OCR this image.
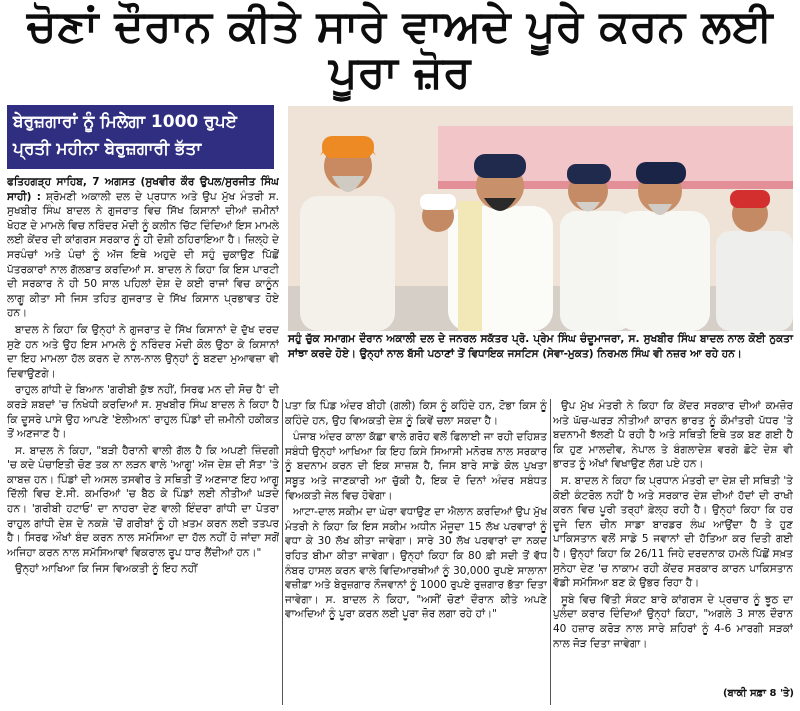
ਚੋਣਾਂ ਦੌਰਾਨ ਕੀਤੇ ਸਾਰੇ ਵਾਅਦੇ ਪੂਰੇ ਕਰਨ ਲਈ ਪੂਰਾ ਜ਼ੋਰ
ਬੇਰੁਜ਼ਗਾਰਾਂ ਨੂੰ ਮਿਲੇਗਾ 1000 ਰੁਪਏ
ਪ੍ਰਤੀ ਮਹੀਨਾ ਬੇਰੁਜ਼ਗਾਰੀ ਭੱਤਾ

ਫਤਿਹਗੜ੍ਹ ਸਾਹਿਬ, 7 ਅਗਸਤ (ਸੁਖਵੀਰ ਕੌਰ ਉਪਲ/ਸੁਰਜੀਤ ਸਿੰਘ ਸਾਹੀ) : ਸ਼੍ਰੋਮਣੀ ਅਕਾਲੀ ਦਲ ਦੇ ਪ੍ਰਧਾਨ ਅਤੇ ਉਪ ਮੁੱਖ ਮੰਤਰੀ ਸ. ਸੁਖਬੀਰ ਸਿੰਘ ਬਾਦਲ ਨੇ ਗੁਜਰਾਤ ਵਿਚ ਸਿੱਖ ਕਿਸਾਨਾਂ ਦੀਆਂ ਜ਼ਮੀਨਾਂ ਖੋਹਣ ਦੇ ਮਾਮਲੇ ਵਿਚ ਨਰਿੰਦਰ ਮੋਦੀ ਨੂੰ ਕਲੀਨ ਚਿੱਟ ਦਿੰਦਿਆਂ ਇਸ ਮਾਮਲੇ ਲਈ ਕੇਂਦਰ ਦੀ ਕਾਂਗਰਸ ਸਰਕਾਰ ਨੂੰ ਹੀ ਦੋਸ਼ੀ ਠਹਿਰਾਇਆ ਹੈ। ਜ਼ਿਲ੍ਹੇ ਦੇ ਸਰਪੰਚਾਂ ਅਤੇ ਪੰਚਾਂ ਨੂੰ ਅੱਜ ਇਥੇ ਅਹੁਦੇ ਦੀ ਸਹੁੰ ਚੁਕਾਉਣ ਪਿੱਛੋਂ ਪੱਤਰਕਾਰਾਂ ਨਾਲ ਗੱਲਬਾਤ ਕਰਦਿਆਂ ਸ. ਬਾਦਲ ਨੇ ਕਿਹਾ ਕਿ ਇਸ ਪਾਰਟੀ ਦੀ ਸਰਕਾਰ ਨੇ ਹੀ 50 ਸਾਲ ਪਹਿਲਾਂ ਦੇਸ਼ ਦੇ ਕਈ ਰਾਜਾਂ ਵਿਚ ਕਾਨੂੰਨ ਲਾਗੂ ਕੀਤਾ ਸੀ ਜਿਸ ਤਹਿਤ ਗੁਜਰਾਤ ਦੇ ਸਿੱਖ ਕਿਸਾਨ ਪ੍ਰਭਾਵਤ ਹੋਏ ਹਨ।

ਬਾਦਲ ਨੇ ਕਿਹਾ ਕਿ ਉਨ੍ਹਾਂ ਨੇ ਗੁਜਰਾਤ ਦੇ ਸਿੱਖ ਕਿਸਾਨਾਂ ਦੇ ਦੁੱਖ ਦਰਦ ਸੁਣੇ ਹਨ ਅਤੇ ਉਹ ਇਸ ਮਾਮਲੇ ਨੂੰ ਨਰਿੰਦਰ ਮੋਦੀ ਕੋਲ ਉਠਾ ਕੇ ਕਿਸਾਨਾਂ ਦਾ ਇਹ ਮਾਮਲਾ ਹੱਲ ਕਰਨ ਦੇ ਨਾਲ-ਨਾਲ ਉਨ੍ਹਾਂ ਨੂੰ ਬਣਦਾ ਮੁਆਵਜ਼ਾ ਵੀ ਦਿਵਾਉਣਗੇ।

ਰਾਹੁਲ ਗਾਂਧੀ ਦੇ ਬਿਆਨ 'ਗਰੀਬੀ ਕੁੱਝ ਨਹੀਂ, ਸਿਰਫ ਮਨ ਦੀ ਸੋਚ ਹੈ' ਦੀ ਕਰੜੇ ਸ਼ਬਦਾਂ 'ਚ ਨਿਖੇਧੀ ਕਰਦਿਆਂ ਸ. ਸੁਖਬੀਰ ਸਿੰਘ ਬਾਦਲ ਨੇ ਕਿਹਾ ਹੈ ਕਿ ਦੂਸਰੇ ਪਾਸੇ ਉਹ ਆਪਣੇ 'ਏਲੀਅਨ' ਰਾਹੁਲ ਪਿੰਡਾਂ ਦੀ ਜ਼ਮੀਨੀ ਹਕੀਕਤ ਤੋਂ ਅਣਜਾਣ ਹੈ।

ਸ. ਬਾਦਲ ਨੇ ਕਿਹਾ, "ਬੜੀ ਹੈਰਾਨੀ ਵਾਲੀ ਗੱਲ ਹੈ ਕਿ ਅਪਣੀ ਜ਼ਿੰਦਗੀ 'ਚ ਕਦੇ ਪੰਚਾਇਤੀ ਚੋਣ ਤਕ ਨਾ ਲੜਨ ਵਾਲੇ 'ਆਗੂ' ਅੱਜ ਦੇਸ਼ ਦੀ ਸੱਤਾ 'ਤੇ ਕਾਬਜ਼ ਹਨ। ਪਿੰਡਾਂ ਦੀ ਅਸਲ ਤਸਵੀਰ ਤੇ ਸਥਿਤੀ ਤੋਂ ਅਣਜਾਣ ਇਹ ਆਗੂ ਦਿੱਲੀ ਵਿਚ ਏ.ਸੀ. ਕਮਰਿਆਂ 'ਚ ਬੈਠ ਕੇ ਪਿੰਡਾਂ ਲਈ ਨੀਤੀਆਂ ਘੜਦੇ ਹਨ। 'ਗਰੀਬੀ ਹਟਾਓ' ਦਾ ਨਾਹਰਾ ਦੇਣ ਵਾਲੀ ਇੰਦਰਾ ਗਾਂਧੀ ਦਾ ਪੋਤਰਾ ਰਾਹੁਲ ਗਾਂਧੀ ਦੇਸ਼ ਦੇ ਨਕਸ਼ੇ 'ਚੋਂ ਗਰੀਬਾਂ ਨੂੰ ਹੀ ਖ਼ਤਮ ਕਰਨ ਲਈ ਤਤਪਰ ਹੈ। ਸਿਰਫ ਔਖਾਂ ਬੰਦ ਕਰਨ ਨਾਲ ਸਮੱਸਿਆ ਦਾ ਹੱਲ ਨਹੀਂ ਹੋ ਜਾਂਦਾ ਸਗੋਂ ਅਜਿਹਾ ਕਰਨ ਨਾਲ ਸਮੱਸਿਆਵਾਂ ਵਿਕਰਾਲ ਰੂਪ ਧਾਰ ਲੈਂਦੀਆਂ ਹਨ।"

ਉਨ੍ਹਾਂ ਆਖਿਆ ਕਿ ਜਿਸ ਵਿਅਕਤੀ ਨੂੰ ਇਹ ਨਹੀਂ

ਸਹੁੰ ਚੁੱਕ ਸਮਾਗਮ ਦੌਰਾਨ ਅਕਾਲੀ ਦਲ ਦੇ ਜਨਰਲ ਸਕੱਤਰ ਪ੍ਰੋ. ਪ੍ਰੇਮ ਸਿੰਘ ਚੰਦੂਮਾਜਰਾ, ਸ. ਸੁਖਬੀਰ ਸਿੰਘ ਬਾਦਲ ਨਾਲ ਕੋਈ ਨੁਕਤਾ ਸਾਂਝਾ ਕਰਦੇ ਹੋਏ। ਉਨ੍ਹਾਂ ਨਾਲ ਬੱਸੀ ਪਠਾਣਾਂ ਤੋਂ ਵਿਧਾਇਕ ਜਸਟਿਸ (ਸੇਵਾ-ਮੁਕਤ) ਨਿਰਮਲ ਸਿੰਘ ਵੀ ਨਜ਼ਰ ਆ ਰਹੇ ਹਨ।

ਪਤਾ ਕਿ ਪਿੰਡ ਅੰਦਰ ਬੀਹੀ (ਗਲੀ) ਕਿਸ ਨੂੰ ਕਹਿੰਦੇ ਹਨ, ਟੋਭਾ ਕਿਸ ਨੂੰ ਕਹਿੰਦੇ ਹਨ, ਉਹ ਵਿਅਕਤੀ ਦੇਸ਼ ਨੂੰ ਕਿਵੇਂ ਚਲਾ ਸਕਦਾ ਹੈ।

ਪੰਜਾਬ ਅੰਦਰ ਕਾਲਾ ਕੱਛਾ ਵਾਲੇ ਗਰੋਹ ਵਲੋਂ ਫਿਲਾਈ ਜਾ ਰਹੀ ਦਹਿਸ਼ਤ ਸਬੰਧੀ ਉਨ੍ਹਾਂ ਆਖਿਆ ਕਿ ਇਹ ਕਿਸੇ ਸਿਆਸੀ ਮਨੋਰਥ ਨਾਲ ਸਰਕਾਰ ਨੂੰ ਬਦਨਾਮ ਕਰਨ ਦੀ ਇਕ ਸਾਜ਼ਸ਼ ਹੈ, ਜਿਸ ਬਾਰੇ ਸਾਡੇ ਕੋਲ ਪੁਖਤਾ ਸਬੂਤ ਅਤੇ ਜਾਣਕਾਰੀ ਆ ਚੁੱਕੀ ਹੈ, ਇਕ ਦੋ ਦਿਨਾਂ ਅੰਦਰ ਸਬੰਧਤ ਵਿਅਕਤੀ ਜੇਲ ਵਿਚ ਹੋਵੇਗਾ।

ਆਟਾ-ਦਾਲ ਸਕੀਮ ਦਾ ਘੇਰਾ ਵਧਾਉਣ ਦਾ ਐਲਾਨ ਕਰਦਿਆਂ ਉਪ ਮੁੱਖ ਮੰਤਰੀ ਨੇ ਕਿਹਾ ਕਿ ਇਸ ਸਕੀਮ ਅਧੀਨ ਮੌਜੂਦਾ 15 ਲੱਖ ਪਰਵਾਰਾਂ ਨੂੰ ਵਧਾ ਕੇ 30 ਲੱਖ ਕੀਤਾ ਜਾਵੇਗਾ। ਸਾਰੇ 30 ਲੱਖ ਪਰਵਾਰਾਂ ਦਾ ਨਕਦ ਰਹਿਤ ਬੀਮਾ ਕੀਤਾ ਜਾਵੇਗਾ। ਉਨ੍ਹਾਂ ਕਿਹਾ ਕਿ 80 ਫ਼ੀ ਸਦੀ ਤੋਂ ਵੱਧ ਨੰਬਰ ਹਾਸਲ ਕਰਨ ਵਾਲੇ ਵਿਦਿਆਰਥੀਆਂ ਨੂੰ 30,000 ਰੁਪਏ ਸਾਲਾਨਾ ਵਜ਼ੀਫ਼ਾ ਅਤੇ ਬੇਰੁਜ਼ਗਾਰ ਨੌਜਵਾਨਾਂ ਨੂੰ 1000 ਰੁਪਏ ਰੁਜ਼ਗਾਰ ਭੱਤਾ ਦਿਤਾ ਜਾਵੇਗਾ। ਸ. ਬਾਦਲ ਨੇ ਕਿਹਾ, "ਅਸੀਂ ਚੋਣਾਂ ਦੌਰਾਨ ਕੀਤੇ ਅਪਣੇ ਵਾਅਦਿਆਂ ਨੂੰ ਪੂਰਾ ਕਰਨ ਲਈ ਪੂਰਾ ਜ਼ੋਰ ਲਗਾ ਰਹੇ ਹਾਂ।"

ਉਪ ਮੁੱਖ ਮੰਤਰੀ ਨੇ ਕਿਹਾ ਕਿ ਕੇਂਦਰ ਸਰਕਾਰ ਦੀਆਂ ਕਮਜ਼ੋਰ ਅਤੇ ਘੱਚ-ਘਰੜ ਨੀਤੀਆਂ ਕਾਰਨ ਭਾਰਤ ਨੂੰ ਕੌਮਾਂਤਰੀ ਪੱਧਰ 'ਤੇ ਬਦਨਾਮੀ ਝੱਲਣੀ ਪੈ ਰਹੀ ਹੈ ਅਤੇ ਸਥਿਤੀ ਇਥੇ ਤਕ ਬਣ ਗਈ ਹੈ ਕਿ ਹੁਣ ਮਾਲਦੀਵ, ਨੇਪਾਲ ਤੇ ਬੰਗਲਾਦੇਸ਼ ਵਰਗੇ ਛੋਟੇ ਦੇਸ਼ ਵੀ ਭਾਰਤ ਨੂੰ ਅੱਖਾਂ ਵਿਖਾਉਣ ਲੱਗ ਪਏ ਹਨ।

ਸ. ਬਾਦਲ ਨੇ ਕਿਹਾ ਕਿ ਪ੍ਰਧਾਨ ਮੰਤਰੀ ਦਾ ਦੇਸ਼ ਦੀ ਸਥਿਤੀ 'ਤੇ ਕੋਈ ਕੰਟਰੋਲ ਨਹੀਂ ਹੈ ਅਤੇ ਸਰਕਾਰ ਦੇਸ਼ ਦੀਆਂ ਹੱਦਾਂ ਦੀ ਰਾਖੀ ਕਰਨ ਵਿਚ ਪੂਰੀ ਤਰ੍ਹਾਂ ਫ਼ੇਲ੍ਹ ਰਹੀ ਹੈ। ਉਨ੍ਹਾਂ ਕਿਹਾ ਕਿ ਹਰ ਦੂਜੇ ਦਿਨ ਚੀਨ ਸਾਡਾ ਬਾਰਡਰ ਲੰਘ ਆਉਂਦਾ ਹੈ ਤੇ ਹੁਣ ਪਾਕਿਸਤਾਨ ਵਲੋਂ ਸਾਡੇ 5 ਜਵਾਨਾਂ ਦੀ ਹੱਤਿਆ ਕਰ ਦਿਤੀ ਗਈ ਹੈ। ਉਨ੍ਹਾਂ ਕਿਹਾ ਕਿ 26/11 ਜਿਹੇ ਦਰਦਨਾਕ ਹਮਲੇ ਪਿੱਛੋਂ ਸਖ਼ਤ ਸੁਨੇਹਾ ਦੇਣ 'ਚ ਨਾਕਾਮ ਰਹੀ ਕੇਂਦਰ ਸਰਕਾਰ ਕਾਰਨ ਪਾਕਿਸਤਾਨ ਵੱਡੀ ਸਮੱਸਿਆ ਬਣ ਕੇ ਉਭਰ ਰਿਹਾ ਹੈ।

ਸੂਬੇ ਵਿਚ ਵਿੱਤੀ ਸੰਕਟ ਬਾਰੇ ਕਾਂਗਰਸ ਦੇ ਪ੍ਰਚਾਰ ਨੂੰ ਝੂਠ ਦਾ ਪੁਲੰਦਾ ਕਰਾਰ ਦਿੰਦਿਆਂ ਉਨ੍ਹਾਂ ਕਿਹਾ, "ਅਗਲੇ 3 ਸਾਲ ਦੌਰਾਨ 40 ਹਜ਼ਾਰ ਕਰੋੜ ਨਾਲ ਸਾਰੇ ਸ਼ਹਿਰਾਂ ਨੂੰ 4-6 ਮਾਰਗੀ ਸੜਕਾਂ ਨਾਲ ਜੋੜ ਦਿਤਾ ਜਾਵੇਗਾ।

(ਬਾਕੀ ਸਫ਼ਾ 8 'ਤੇ)
